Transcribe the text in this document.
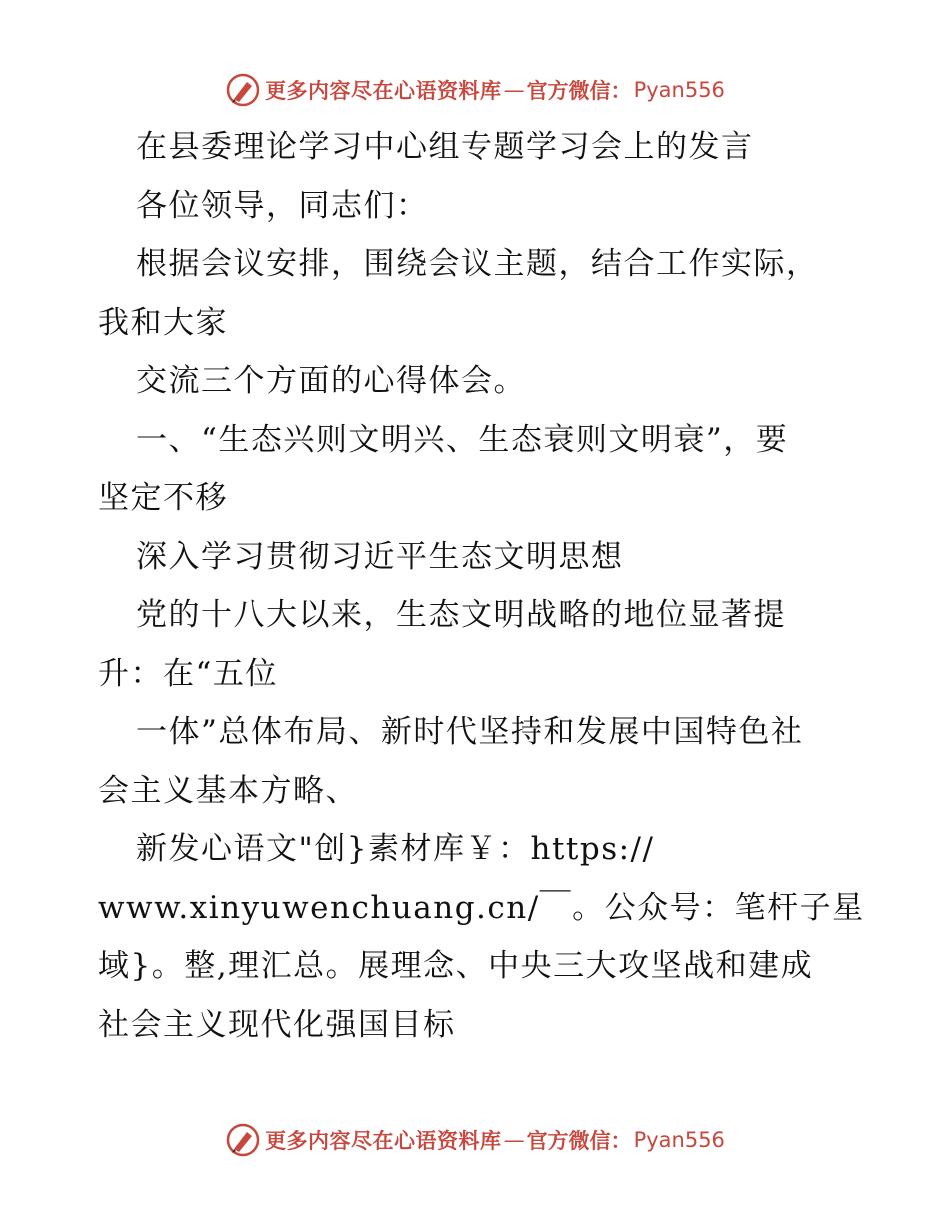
更多内容尽在心语资料库 — 官方微信： Pyan556
在县委理论学习中心组专题学习会上的发言
各位领导，同志们：
根据会议安排，围绕会议主题，结合工作实际，
我和大家
交流三个方面的心得体会。
一、“生态兴则文明兴、生态衰则文明衰”，要
坚定不移
深入学习贯彻习近平生态文明思想
党的十八大以来，生态文明战略的地位显著提
升：在“五位
一体”总体布局、新时代坚持和发展中国特色社
会主义基本方略、
新发心语文"创}素材库￥：https://
www.xinyuwenchuang.cn/￣。公众号：笔杆子星
域}。整,理汇总。展理念、中央三大攻坚战和建成
社会主义现代化强国目标
更多内容尽在心语资料库 — 官方微信： Pyan556
